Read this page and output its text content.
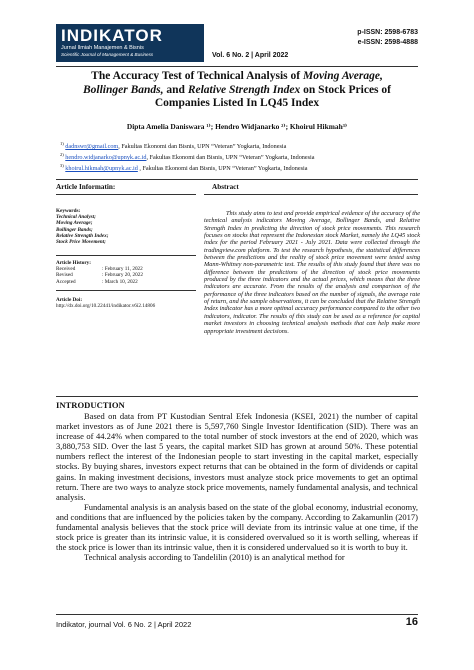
INDIKATOR
Jurnal Ilmiah Manajemen & Bisnis
Scientific Journal of Management & Business	Vol. 6 No. 2 | April 2022
p-ISSN: 2598-6783
e-ISSN: 2598-4888
The Accuracy Test of Technical Analysis of Moving Average,
Bollinger Bands, and Relative Strength Index on Stock Prices of Companies Listed In LQ45 Index
Dipta Amelia Daniswara ¹⁾; Hendro Widjanarko ²⁾; Khoirul Hikmah³⁾
$^{1)}$ dadnswr@gmail.com, Fakultas Ekonomi dan Bisnis, UPN “Veteran” Yogkarta, Indonesia
$^{2)}$ hendro.widjanarko@upnyk.ac.id, Fakultas Ekonomi dan Bisnis, UPN “Veteran” Yogkarta, Indonesia
$^{3)}$ khoirul.hikmah@upnyk.ac.id , Fakultas Ekonomi dan Bisnis, UPN “Veteran” Yogkarta, Indonesia
Article Informatin:	Abstract
Keywords:
Technical Analyst;
Moving Average;
Bollinger Bands;
Relative Strength Index;
Stock Price Movement;
Article History:
Received	: February 11, 2022
Revised	: February 20, 2022
Accepted	: March 10, 2022
Article Doi:
http://dx.doi.org/10.22441/indikator.v6i2.14806
This study aims to test and provide empirical evidence of the accuracy of the technical analysis indicators Moving Average, Bollinger Bands, and Relative Strength Index in predicting the direction of stock price movements. This research focuses on stocks that represent the Indonesian stock Market, namely the LQ45 stock index for the period February 2021 - July 2021. Data were collected through the tradingview.com platform. To test the research hypothesis, the statistical differences between the predictions and the reality of stock price movement were tested using Mann-Whitney non-parametric test. The results of this study found that there was no difference between the predictions of the direction of stock price movements produced by the three indicators and the actual prices, which means that the three indicators are accurate. From the results of the analysis and comparison of the performance of the three indicators based on the number of signals, the average rate of return, and the sample observations, it can be concluded that the Relative Strength Index indicator has a more optimal accuracy performance compared to the other two indicators, indicator. The results of this study can be used as a reference for capital market investors in choosing technical analysis methods that can help make more appropriate investment decisions.
INTRODUCTION

Based on data from PT Kustodian Sentral Efek Indonesia (KSEI, 2021) the number of capital market investors as of June 2021 there is 5,597,760 Single Investor Identification (SID). There was an increase of 44.24% when compared to the total number of stock investors at the end of 2020, which was 3,880,753 SID. Over the last 5 years, the capital market SID has grown at around 50%. These potential numbers reflect the interest of the Indonesian people to start investing in the capital market, especially stocks. By buying shares, investors expect returns that can be obtained in the form of dividends or capital gains. In making investment decisions, investors must analyze stock price movements to get an optimal return. There are two ways to analyze stock price movements, namely fundamental analysis, and technical analysis.

Fundamental analysis is an analysis based on the state of the global economy, industrial economy, and conditions that are influenced by the policies taken by the company. According to Zakamunlin (2017) fundamental analysis believes that the stock price will deviate from its intrinsic value at one time, if the stock price is greater than its intrinsic value, it is considered overvalued so it is worth selling, whereas if the stock price is lower than its intrinsic value, then it is considered undervalued so it is worth to buy it.

Technical analysis according to Tandelilin (2010) is an analytical method for

Indikator, journal Vol. 6 No. 2 | April 2022	16
